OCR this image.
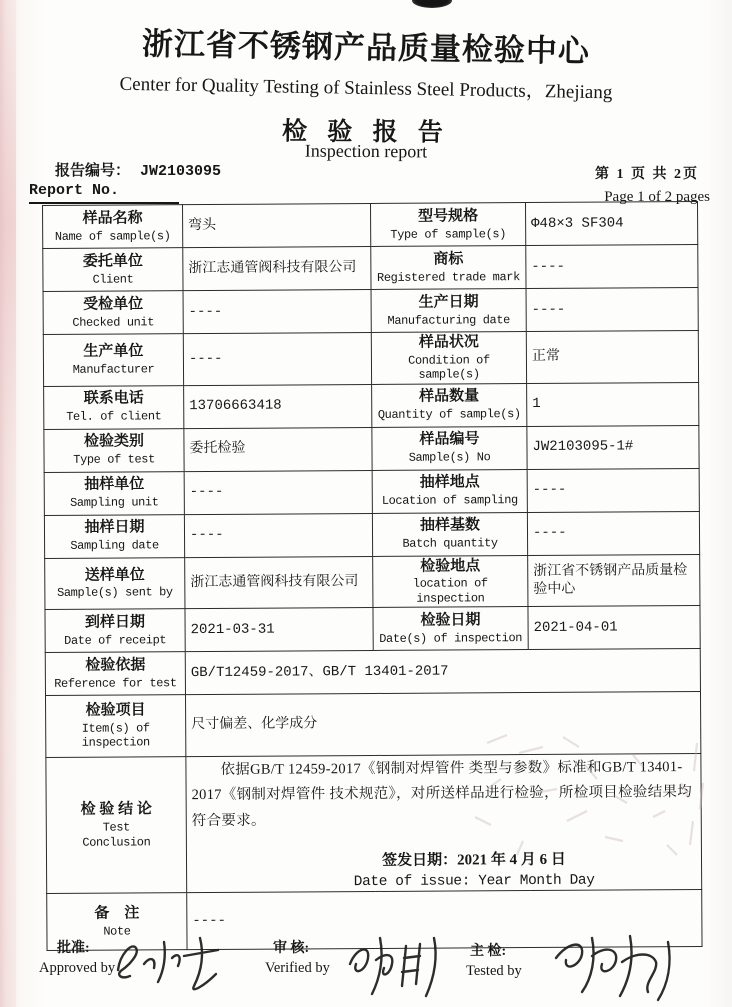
浙江省不锈钢产品质量检验中心
Center for Quality Testing of Stainless Steel Products，Zhejiang
检 验 报 告
Inspection report
报告编号： JW2103095
Report No.
第 1 页 共 2页
Page 1 of 2 pages
样品名称
Name of sample(s)
	弯头	
型号规格
Type of sample(s)
	Φ48×3 SF304

委托单位
Client
	浙江志通管阀科技有限公司	
商标
Registered trade mark
	----

受检单位
Checked unit
	----	
生产日期
Manufacturing date
	----

生产单位
Manufacturer
	----	
样品状况
Condition of sample(s)
	正常

联系电话
Tel. of client
	13706663418	
样品数量
Quantity of sample(s)
	1

检验类别
Type of test
	委托检验	
样品编号
Sample(s) No
	JW2103095-1#

抽样单位
Sampling unit
	----	
抽样地点
Location of sampling
	----

抽样日期
Sampling date
	----	
抽样基数
Batch quantity
	----

送样单位
Sample(s) sent by
	浙江志通管阀科技有限公司	
检验地点
location of inspection
	浙江省不锈钢产品质量检验中心

到样日期
Date of receipt
	2021-03-31	
检验日期
Date(s) of inspection
	2021-04-01

检验依据
Reference for test	GB/T12459-2017、GB/T 13401-2017		

检验项目
Item(s) of inspection	尺寸偏差、化学成分		

检 验 结 论
Test
Conclusion

依据GB/T 12459-2017《钢制对焊管件 类型与参数》标准和GB/T 13401-2017《钢制对焊管件 技术规范》，对所送样品进行检验，所检项目检验结果均符合要求。

签发日期：2021 年 4 月 6 日
Date of issue: Year Month Day

备　注
Note	----		
批准:
Approved by
审 核:
Verified by
主 检:
Tested by
